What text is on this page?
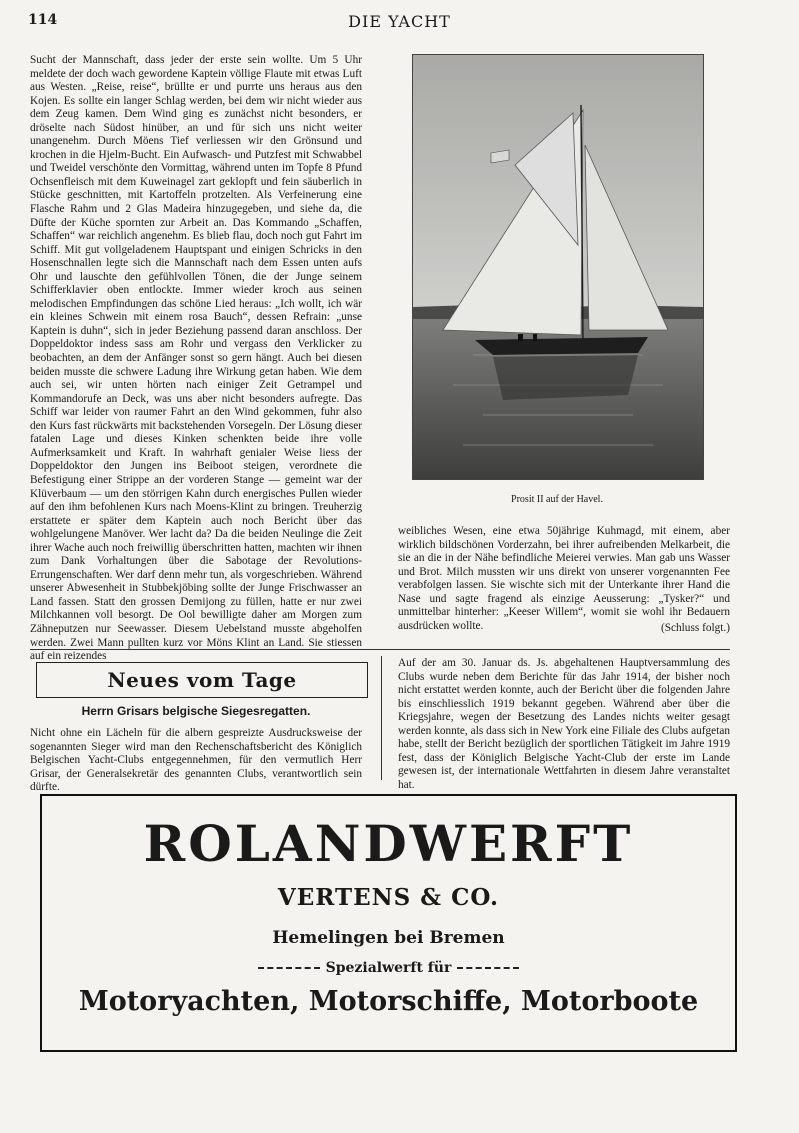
114	DIE YACHT

Sucht der Mannschaft, dass jeder der erste sein wollte. Um 5 Uhr meldete der doch wach gewordene Kaptein völlige Flaute mit etwas Luft aus Westen. „Reise, reise“, brüllte er und purrte uns heraus aus den Kojen. Es sollte ein langer Schlag werden, bei dem wir nicht wieder aus dem Zeug kamen. Dem Wind ging es zunächst nicht besonders, er dröselte nach Südost hinüber, an und für sich uns nicht weiter unangenehm. Durch Möens Tief verliessen wir den Grönsund und krochen in die Hjelm-Bucht. Ein Aufwasch- und Putzfest mit Schwabbel und Tweidel verschönte den Vormittag, während unten im Topfe 8 Pfund Ochsenfleisch mit dem Kuweinagel zart geklopft und fein säuberlich in Stücke geschnitten, mit Kartoffeln protzelten. Als Verfeinerung eine Flasche Rahm und 2 Glas Madeira hinzugegeben, und siehe da, die Düfte der Küche spornten zur Arbeit an. Das Kommando „Schaffen, Schaffen“ war reichlich angenehm. Es blieb flau, doch noch gut Fahrt im Schiff. Mit gut vollgeladenem Hauptspant und einigen Schricks in den Hosenschnallen legte sich die Mannschaft nach dem Essen unten aufs Ohr und lauschte den gefühlvollen Tönen, die der Junge seinem Schifferklavier oben entlockte. Immer wieder kroch aus seinen melodischen Empfindungen das schöne Lied heraus: „Ich wollt, ich wär ein kleines Schwein mit einem rosa Bauch“, dessen Refrain: „unse Kaptein is duhn“, sich in jeder Beziehung passend daran anschloss. Der Doppeldoktor indess sass am Rohr und vergass den Verklicker zu beobachten, an dem der Anfänger sonst so gern hängt. Auch bei diesen beiden musste die schwere Ladung ihre Wirkung getan haben. Wie dem auch sei, wir unten hörten nach einiger Zeit Getrampel und Kommandorufe an Deck, was uns aber nicht besonders aufregte. Das Schiff war leider von raumer Fahrt an den Wind gekommen, fuhr also den Kurs fast rückwärts mit backstehenden Vorsegeln. Der Lösung dieser fatalen Lage und dieses Kinken schenkten beide ihre volle Aufmerksamkeit und Kraft. In wahrhaft genialer Weise liess der Doppeldoktor den Jungen ins Beiboot steigen, verordnete die Befestigung einer Strippe an der vorderen Stange — gemeint war der Klüverbaum — um den störrigen Kahn durch energisches Pullen wieder auf den ihm befohlenen Kurs nach Moens-Klint zu bringen. Treuherzig erstattete er später dem Kaptein auch noch Bericht über das wohlgelungene Manöver. Wer lacht da? Da die beiden Neulinge die Zeit ihrer Wache auch noch freiwillig überschritten hatten, machten wir ihnen zum Dank Vorhaltungen über die Sabotage der Revolutions-Errungenschaften. Wer darf denn mehr tun, als vorgeschrieben. Während unserer Abwesenheit in Stubbekjöbing sollte der Junge Frischwasser an Land fassen. Statt den grossen Demijong zu füllen, hatte er nur zwei Milchkannen voll besorgt. De Ool bewilligte daher am Morgen zum Zähneputzen nur Seewasser. Diesem Uebelstand musste abgeholfen werden. Zwei Mann pullten kurz vor Möns Klint an Land. Sie stiessen auf ein reizendes

Prosit II auf der Havel.

weibliches Wesen, eine etwa 50jährige Kuhmagd, mit einem, aber wirklich bildschönen Vorderzahn, bei ihrer aufreibenden Melkarbeit, die sie an die in der Nähe befindliche Meierei verwies. Man gab uns Wasser und Brot. Milch mussten wir uns direkt von unserer vorgenannten Fee verabfolgen lassen. Sie wischte sich mit der Unterkante ihrer Hand die Nase und sagte fragend als einzige Aeusserung: „Tysker?“ und unmittelbar hinterher: „Keeser Willem“, womit sie wohl ihr Bedauern ausdrücken wollte.	(Schluss folgt.)
Neues vom Tage
Herrn Grisars belgische Siegesregatten.

Nicht ohne ein Lächeln für die albern gespreizte Ausdrucksweise der sogenannten Sieger wird man den Rechenschaftsbericht des Königlich Belgischen Yacht-Clubs entgegennehmen, für den vermutlich Herr Grisar, der Generalsekretär des genannten Clubs, verantwortlich sein dürfte.

Auf der am 30. Januar ds. Js. abgehaltenen Hauptversammlung des Clubs wurde neben dem Berichte für das Jahr 1914, der bisher noch nicht erstattet werden konnte, auch der Bericht über die folgenden Jahre bis einschliesslich 1919 bekannt gegeben. Während aber über die Kriegsjahre, wegen der Besetzung des Landes nichts weiter gesagt werden konnte, als dass sich in New York eine Filiale des Clubs aufgetan habe, stellt der Bericht bezüglich der sportlichen Tätigkeit im Jahre 1919 fest, dass der Königlich Belgische Yacht-Club der erste im Lande gewesen ist, der internationale Wettfahrten in diesem Jahre veranstaltet hat.

ROLANDWERFT
VERTENS & CO.
Hemelingen bei Bremen
Spezialwerft für
Motoryachten, Motorschiffe, Motorboote
